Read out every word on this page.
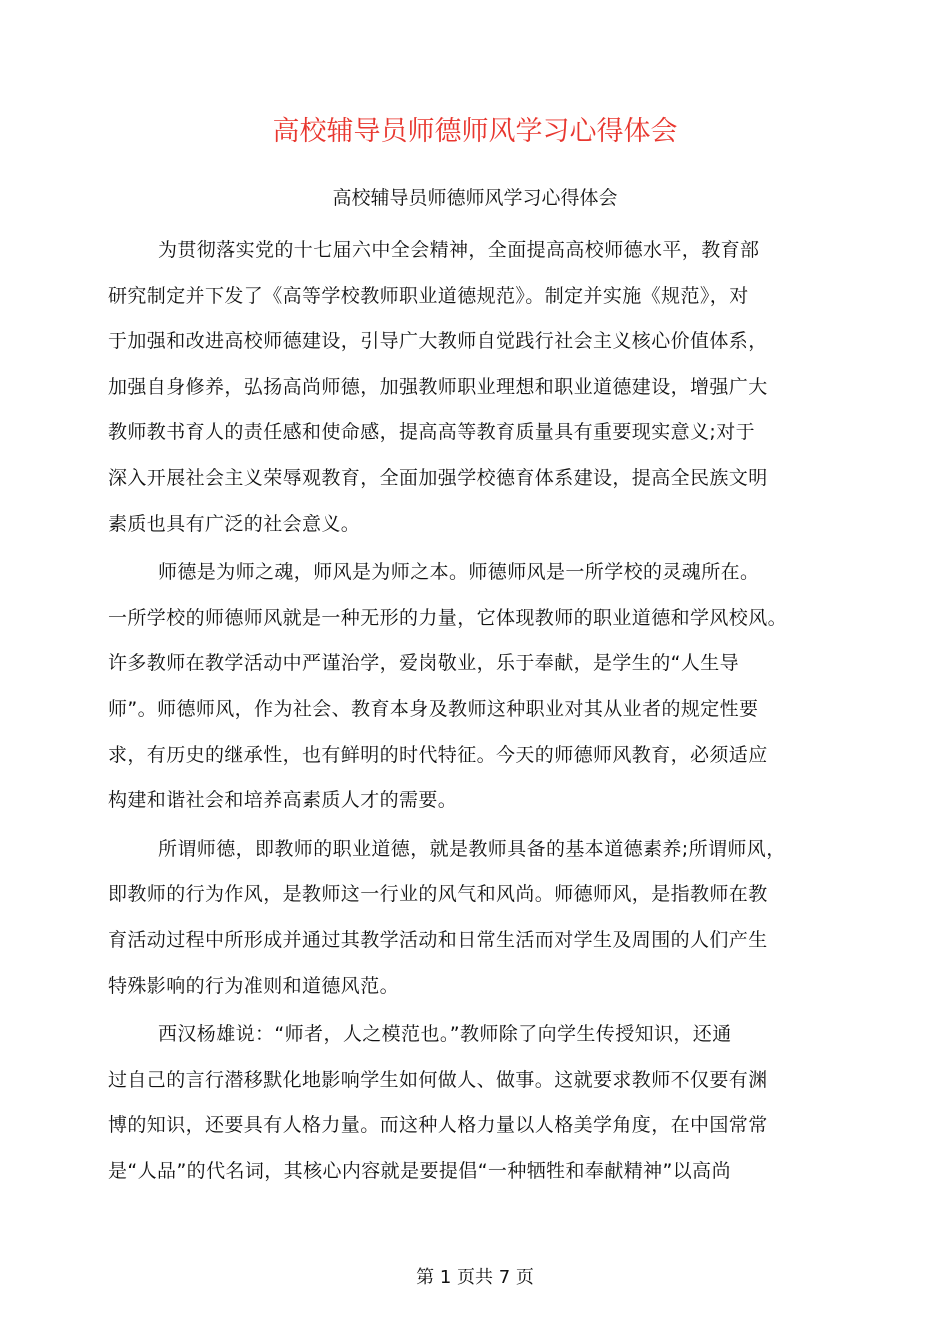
高校辅导员师德师风学习心得体会
高校辅导员师德师风学习心得体会

为贯彻落实党的十七届六中全会精神，全面提高高校师德水平，教育部
研究制定并下发了《高等学校教师职业道德规范》。制定并实施《规范》，对
于加强和改进高校师德建设，引导广大教师自觉践行社会主义核心价值体系，
加强自身修养，弘扬高尚师德，加强教师职业理想和职业道德建设，增强广大
教师教书育人的责任感和使命感，提高高等教育质量具有重要现实意义;对于
深入开展社会主义荣辱观教育，全面加强学校德育体系建设，提高全民族文明
素质也具有广泛的社会意义。

师德是为师之魂，师风是为师之本。师德师风是一所学校的灵魂所在。
一所学校的师德师风就是一种无形的力量，它体现教师的职业道德和学风校风。
许多教师在教学活动中严谨治学，爱岗敬业，乐于奉献，是学生的“人生导
师”。师德师风，作为社会、教育本身及教师这种职业对其从业者的规定性要
求，有历史的继承性，也有鲜明的时代特征。今天的师德师风教育，必须适应
构建和谐社会和培养高素质人才的需要。

所谓师德，即教师的职业道德，就是教师具备的基本道德素养;所谓师风，
即教师的行为作风，是教师这一行业的风气和风尚。师德师风，是指教师在教
育活动过程中所形成并通过其教学活动和日常生活而对学生及周围的人们产生
特殊影响的行为准则和道德风范。

西汉杨雄说：“师者，人之模范也。”教师除了向学生传授知识，还通
过自己的言行潜移默化地影响学生如何做人、做事。这就要求教师不仅要有渊
博的知识，还要具有人格力量。而这种人格力量以人格美学角度，在中国常常
是“人品”的代名词，其核心内容就是要提倡“一种牺牲和奉献精神”以高尚

第 1 页共 7 页
